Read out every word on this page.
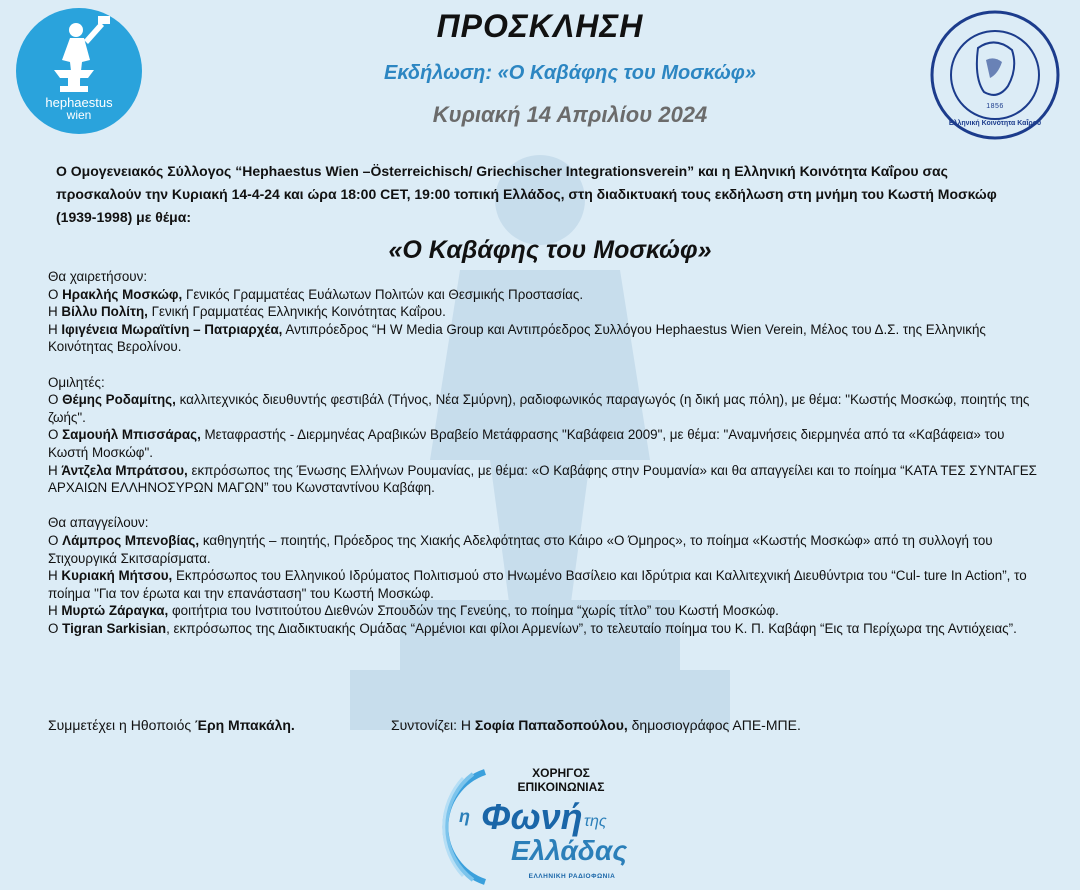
hephaestus
wien
1856
Ελληνική Κοινότητα Καΐρου
ΠΡΟΣΚΛΗΣΗ
Εκδήλωση: «Ο Καβάφης του Μοσκώφ»
Κυριακή 14 Απριλίου 2024
Ο Ομογενειακός Σύλλογος “Hephaestus Wien –Österreichisch/ Griechischer Integrationsverein” και η Ελληνική Κοινότητα Καΐρου σας προσκαλούν την Κυριακή 14-4-24 και ώρα 18:00 CET, 19:00 τοπική Ελλάδος, στη διαδικτυακή τους εκδήλωση στη μνήμη του Κωστή Μοσκώφ (1939-1998) με θέμα:
«Ο Καβάφης του Μοσκώφ»

Θα χαιρετήσουν:

Ο Ηρακλής Μοσκώφ, Γενικός Γραμματέας Ευάλωτων Πολιτών και Θεσμικής Προστασίας.

Η Βίλλυ Πολίτη, Γενική Γραμματέας Ελληνικής Κοινότητας Καΐρου.

Η Ιφιγένεια Μωραϊτίνη – Πατριαρχέα, Αντιπρόεδρος “Η W Media Group και Αντιπρόεδρος Συλλόγου Hephaestus Wien Verein, Μέλος του Δ.Σ. της Ελληνικής Κοινότητας Βερολίνου.

Ομιλητές:

Ο Θέμης Ροδαμίτης, καλλιτεχνικός διευθυντής φεστιβάλ (Τήνος, Νέα Σμύρνη), ραδιοφωνικός παραγωγός (η δική μας πόλη), με θέμα: "Κωστής Μοσκώφ, ποιητής της ζωής".

Ο Σαμουήλ Μπισσάρας, Μεταφραστής - Διερμηνέας Αραβικών Βραβείο Μετάφρασης "Καβάφεια 2009", με θέμα: "Αναμνήσεις διερμηνέα από τα «Καβάφεια» του Κωστή Μοσκώφ".

Η Άντζελα Μπράτσου, εκπρόσωπος της Ένωσης Ελλήνων Ρουμανίας, με θέμα: «Ο Καβάφης στην Ρουμανία» και θα απαγγείλει και το ποίημα “ΚΑΤΑ ΤΕΣ ΣΥΝΤΑΓΕΣ ΑΡΧΑΙΩΝ ΕΛΛΗΝΟΣΥΡΩΝ ΜΑΓΩΝ” του Κωνσταντίνου Καβάφη.

Θα απαγγείλουν:

Ο Λάμπρος Μπενοβίας, καθηγητής – ποιητής, Πρόεδρος της Χιακής Αδελφότητας στο Κάιρο «Ο Όμηρος», το ποίημα «Κωστής Μοσκώφ» από τη συλλογή του Στιχουργικά Σκιτσαρίσματα.

Η Κυριακή Μήτσου, Εκπρόσωπος του Ελληνικού Ιδρύματος Πολιτισμού στο Ηνωμένο Βασίλειο και Ιδρύτρια και Καλλιτεχνική Διευθύντρια του “Cul- ture In Action”, το ποίημα "Για τον έρωτα και την επανάσταση" του Κωστή Μοσκώφ.

Η Μυρτώ Ζάραγκα, φοιτήτρια του Ινστιτούτου Διεθνών Σπουδών της Γενεύης, το ποίημα “χωρίς τίτλο” του Κωστή Μοσκώφ.

Ο Tigran Sarkisian, εκπρόσωπος της Διαδικτυακής Ομάδας “Αρμένιοι και φίλοι Αρμενίων”, το τελευταίο ποίημα του Κ. Π. Καβάφη “Εις τα Περίχωρα της Αντιόχειας”.

Συμμετέχει η Ηθοποιός Έρη Μπακάλη.	Συντονίζει: Η Σοφία Παπαδοπούλου, δημοσιογράφος ΑΠΕ-ΜΠΕ.
ΧΟΡΗΓΟΣ
ΕΠΙΚΟΙΝΩΝΙΑΣ
η Φωνή της
Ελλάδας
ΕΛΛΗΝΙΚΗ ΡΑΔΙΟΦΩΝΙΑ
